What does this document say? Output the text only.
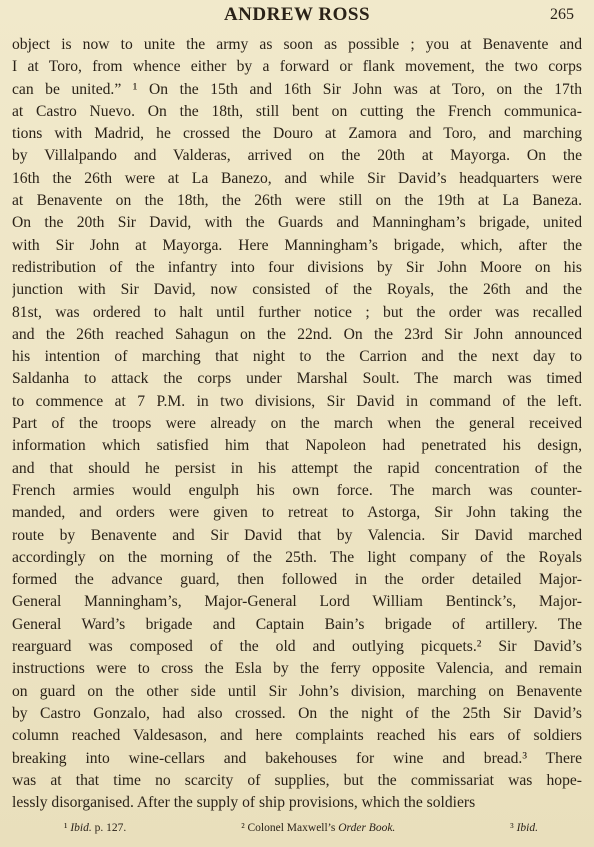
ANDREW ROSS	265
object is now to unite the army as soon as possible ; you at Benavente and
I at Toro, from whence either by a forward or flank movement, the two corps
can be united.” ¹ On the 15th and 16th Sir John was at Toro, on the 17th
at Castro Nuevo. On the 18th, still bent on cutting the French communica-
tions with Madrid, he crossed the Douro at Zamora and Toro, and marching
by Villalpando and Valderas, arrived on the 20th at Mayorga. On the
16th the 26th were at La Banezo, and while Sir David’s headquarters were
at Benavente on the 18th, the 26th were still on the 19th at La Baneza.
On the 20th Sir David, with the Guards and Manningham’s brigade, united
with Sir John at Mayorga. Here Manningham’s brigade, which, after the
redistribution of the infantry into four divisions by Sir John Moore on his
junction with Sir David, now consisted of the Royals, the 26th and the
81st, was ordered to halt until further notice ; but the order was recalled
and the 26th reached Sahagun on the 22nd. On the 23rd Sir John announced
his intention of marching that night to the Carrion and the next day to
Saldanha to attack the corps under Marshal Soult. The march was timed
to commence at 7 P.M. in two divisions, Sir David in command of the left.
Part of the troops were already on the march when the general received
information which satisfied him that Napoleon had penetrated his design,
and that should he persist in his attempt the rapid concentration of the
French armies would engulph his own force. The march was counter-
manded, and orders were given to retreat to Astorga, Sir John taking the
route by Benavente and Sir David that by Valencia. Sir David marched
accordingly on the morning of the 25th. The light company of the Royals
formed the advance guard, then followed in the order detailed Major-
General Manningham’s, Major-General Lord William Bentinck’s, Major-
General Ward’s brigade and Captain Bain’s brigade of artillery. The
rearguard was composed of the old and outlying picquets.² Sir David’s
instructions were to cross the Esla by the ferry opposite Valencia, and remain
on guard on the other side until Sir John’s division, marching on Benavente
by Castro Gonzalo, had also crossed. On the night of the 25th Sir David’s
column reached Valdesason, and here complaints reached his ears of soldiers
breaking into wine-cellars and bakehouses for wine and bread.³ There
was at that time no scarcity of supplies, but the commissariat was hope-
lessly disorganised. After the supply of ship provisions, which the soldiers
¹ Ibid. p. 127.	² Colonel Maxwell’s Order Book.	³ Ibid.
